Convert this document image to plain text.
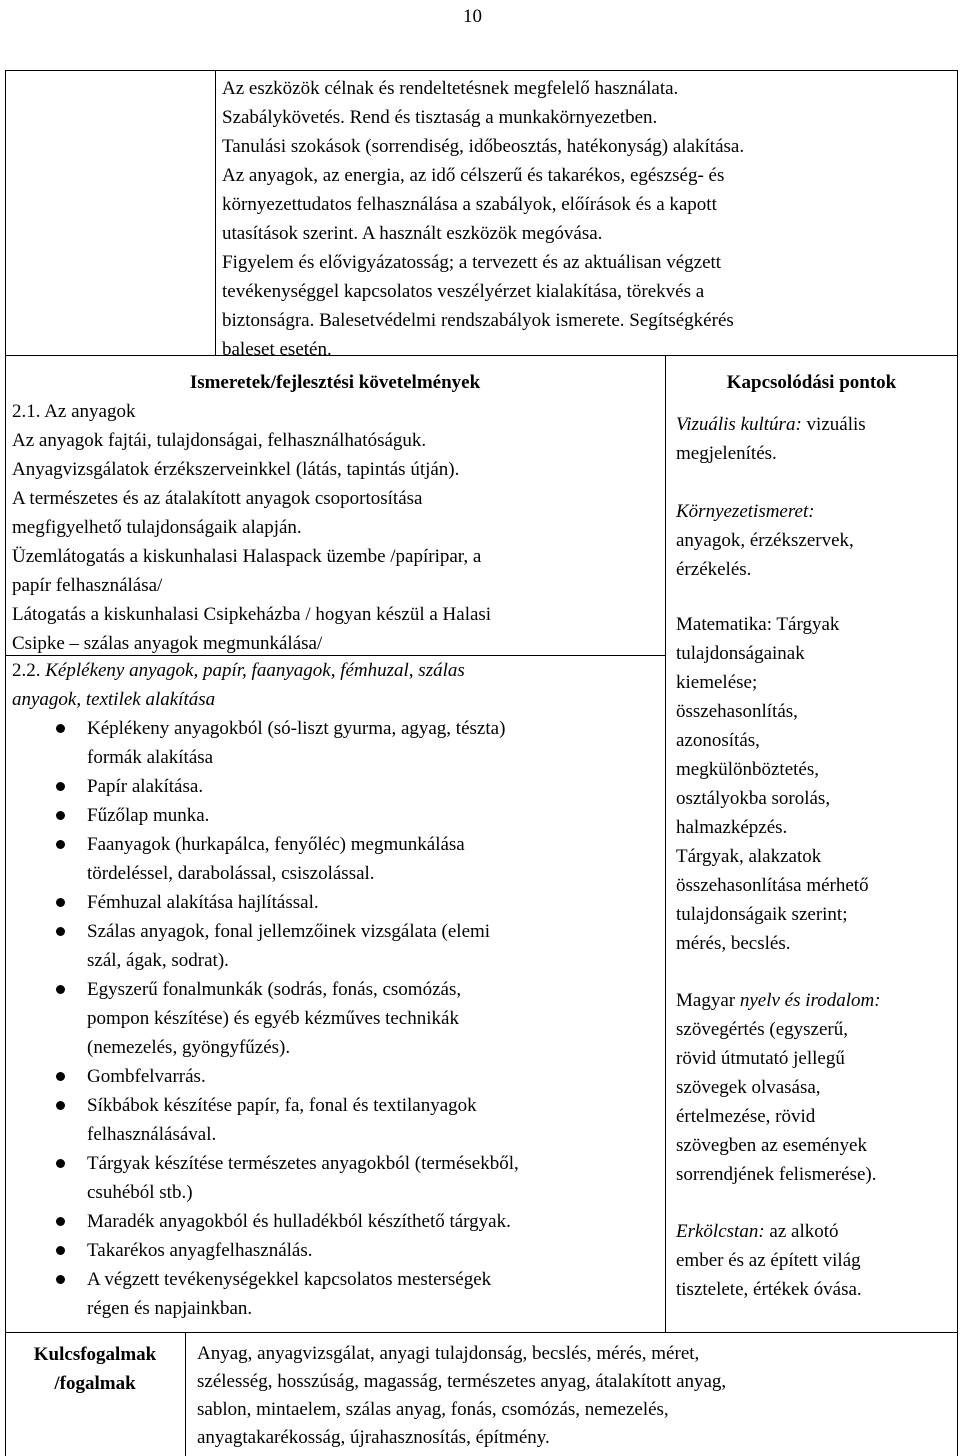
10
Az eszközök célnak és rendeltetésnek megfelelő használata.
Szabálykövetés. Rend és tisztaság a munkakörnyezetben.
Tanulási szokások (sorrendiség, időbeosztás, hatékonyság) alakítása.
Az anyagok, az energia, az idő célszerű és takarékos, egészség- és
környezettudatos felhasználása a szabályok, előírások és a kapott
utasítások szerint. A használt eszközök megóvása.
Figyelem és elővigyázatosság; a tervezett és az aktuálisan végzett
tevékenységgel kapcsolatos veszélyérzet kialakítása, törekvés a
biztonságra. Balesetvédelmi rendszabályok ismerete. Segítségkérés
baleset esetén.
Ismeretek/fejlesztési követelmények	Kapcsolódási pontok
2.1. Az anyagok
Az anyagok fajtái, tulajdonságai, felhasználhatóságuk.
Anyagvizsgálatok érzékszerveinkkel (látás, tapintás útján).
A természetes és az átalakított anyagok csoportosítása
megfigyelhető tulajdonságaik alapján.
Üzemlátogatás a kiskunhalasi Halaspack üzembe /papíripar, a
papír felhasználása/
Látogatás a kiskunhalasi Csipkeházba / hogyan készül a Halasi
Csipke – szálas anyagok megmunkálása/
2.2. Képlékeny anyagok, papír, faanyagok, fémhuzal, szálas
anyagok, textilek alakítása
Képlékeny anyagokból (só-liszt gyurma, agyag, tészta)
formák alakítása
Papír alakítása.
Fűzőlap munka.
Faanyagok (hurkapálca, fenyőléc) megmunkálása
tördeléssel, darabolással, csiszolással.
Fémhuzal alakítása hajlítással.
Szálas anyagok, fonal jellemzőinek vizsgálata (elemi
szál, ágak, sodrat).
Egyszerű fonalmunkák (sodrás, fonás, csomózás,
pompon készítése) és egyéb kézműves technikák
(nemezelés, gyöngyfűzés).
Gombfelvarrás.
Síkbábok készítése papír, fa, fonal és textilanyagok
felhasználásával.
Tárgyak készítése természetes anyagokból (termésekből,
csuhéból stb.)
Maradék anyagokból és hulladékból készíthető tárgyak.
Takarékos anyagfelhasználás.
A végzett tevékenységekkel kapcsolatos mesterségek
régen és napjainkban.
Vizuális kultúra: vizuális
megjelenítés.
Környezetismeret:
anyagok, érzékszervek,
érzékelés.
Matematika: Tárgyak
tulajdonságainak
kiemelése;
összehasonlítás,
azonosítás,
megkülönböztetés,
osztályokba sorolás,
halmazképzés.
Tárgyak, alakzatok
összehasonlítása mérhető
tulajdonságaik szerint;
mérés, becslés.
Magyar nyelv és irodalom:
szövegértés (egyszerű,
rövid útmutató jellegű
szövegek olvasása,
értelmezése, rövid
szövegben az események
sorrendjének felismerése).
Erkölcstan: az alkotó
ember és az épített világ
tisztelete, értékek óvása.
Kulcsfogalmak
/fogalmak
Anyag, anyagvizsgálat, anyagi tulajdonság, becslés, mérés, méret,
szélesség, hosszúság, magasság, természetes anyag, átalakított anyag,
sablon, mintaelem, szálas anyag, fonás, csomózás, nemezelés,
anyagtakarékosság, újrahasznosítás, építmény.
